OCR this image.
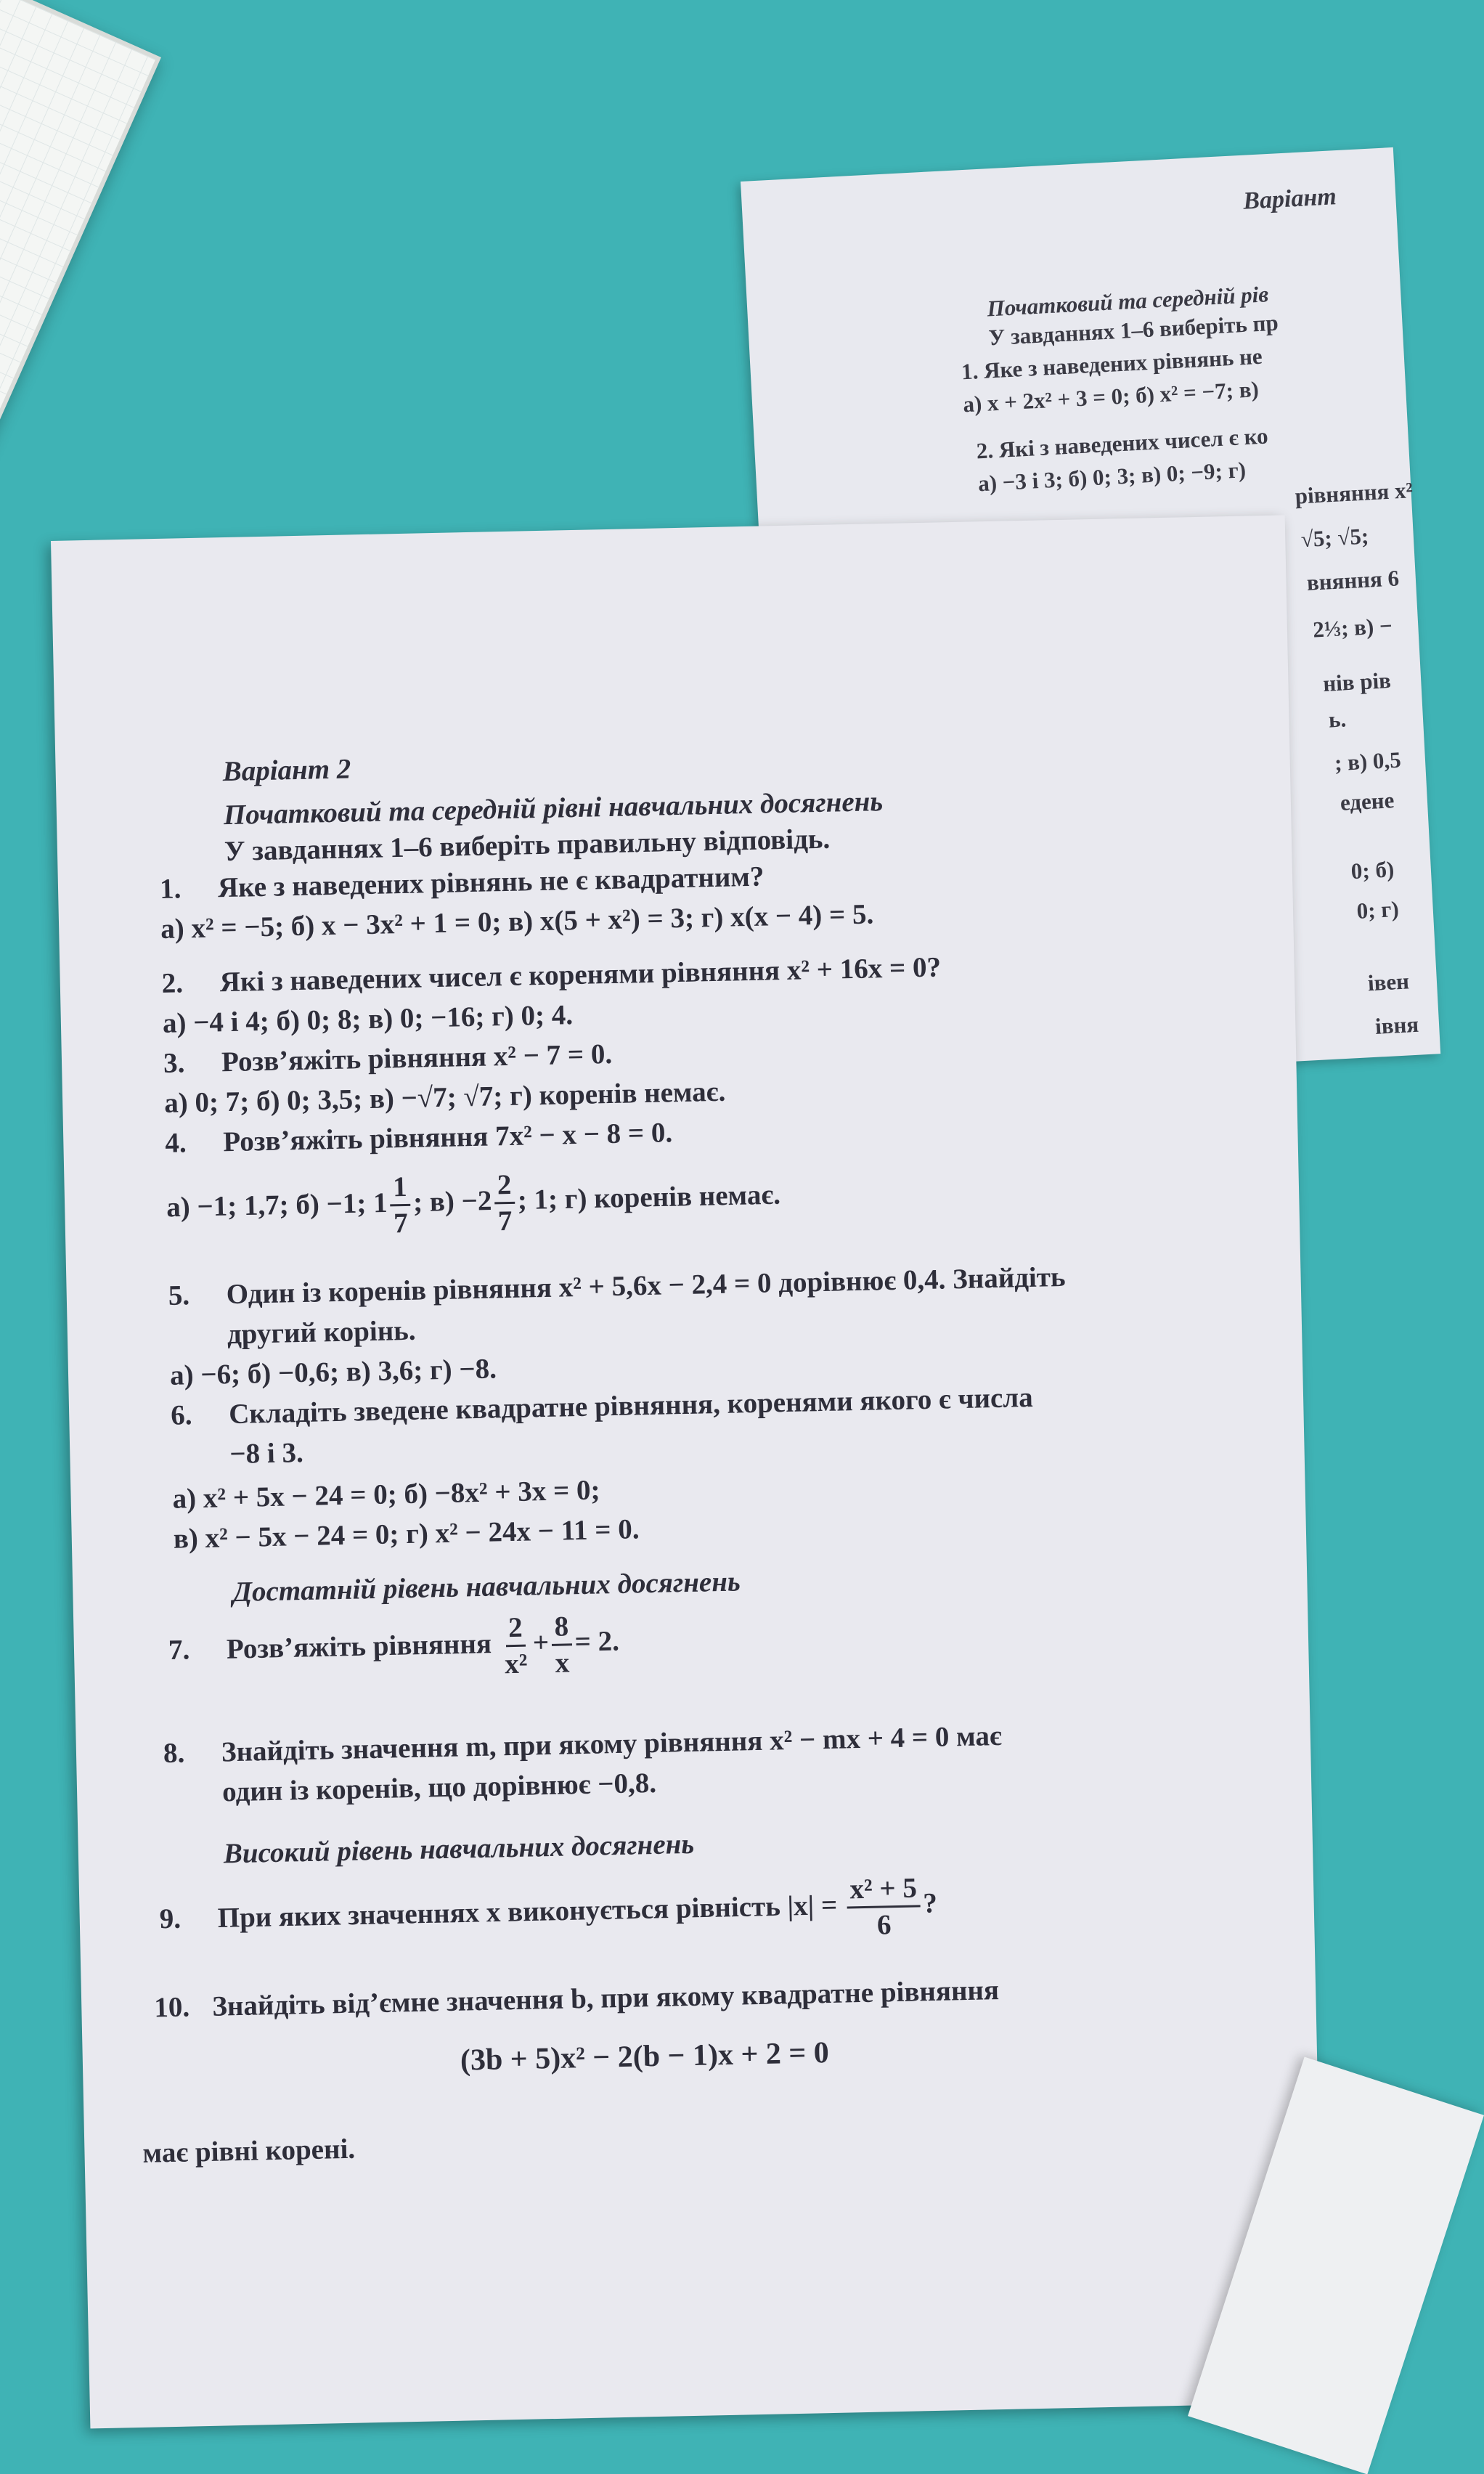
Варіант
Початковий та середній рів
У завданнях 1–6 виберіть пр
1. Яке з наведених рівнянь не
а) x + 2x² + 3 = 0; б) x² = −7; в)
2. Які з наведених чисел є ко
а) −3 і 3; б) 0; 3; в) 0; −9; г) рівняння x²
√5; √5;
вняння 6
2⅓; в) −
нів рів
ь.
; в) 0,5
едене
0; б)
0; г)
івен
івня
Варіант 2
Початковий та середній рівні навчальних досягнень
У завданнях 1–6 виберіть правильну відповідь.
1. Яке з наведених рівнянь не є квадратним?
а) x² = −5; б) x − 3x² + 1 = 0; в) x(5 + x²) = 3; г) x(x − 4) = 5.
2. Які з наведених чисел є коренями рівняння x² + 16x = 0?
а) −4 і 4; б) 0; 8; в) 0; −16; г) 0; 4.
3. Розв’яжіть рівняння x² − 7 = 0.
а) 0; 7; б) 0; 3,5; в) −√7; √7; г) коренів немає.
4. Розв’яжіть рівняння 7x² − x − 8 = 0.
а) −1; 1,7; б) −1; $1 \frac{1}{7}$ ; $в) -2 \frac{2}{7}$ ; 1; г) коренів немає.
5. Один із коренів рівняння x² + 5,6x − 2,4 = 0 дорівнює 0,4. Знайдіть
другий корінь.
а) −6; б) −0,6; в) 3,6; г) −8.
6. Складіть зведене квадратне рівняння, коренями якого є числа
−8 і 3.
а) x² + 5x − 24 = 0; б) −8x² + 3x = 0;
в) x² − 5x − 24 = 0; г) x² − 24x − 11 = 0.
Достатній рівень навчальних досягнень
7. Розв’яжіть рівняння $\frac{2}{\text{x²}} + \frac{8}{x} = 2$.
8. Знайдіть значення m, при якому рівняння x² − mx + 4 = 0 має
один із коренів, що дорівнює −0,8.
Високий рівень навчальних досягнень
9. При яких значеннях x виконується рівність $|x| = \frac{\text{x² + 5}}{6}$ ?
10. Знайдіть від’ємне значення b, при якому квадратне рівняння
(3b + 5)x² − 2(b − 1)x + 2 = 0
має рівні корені.
